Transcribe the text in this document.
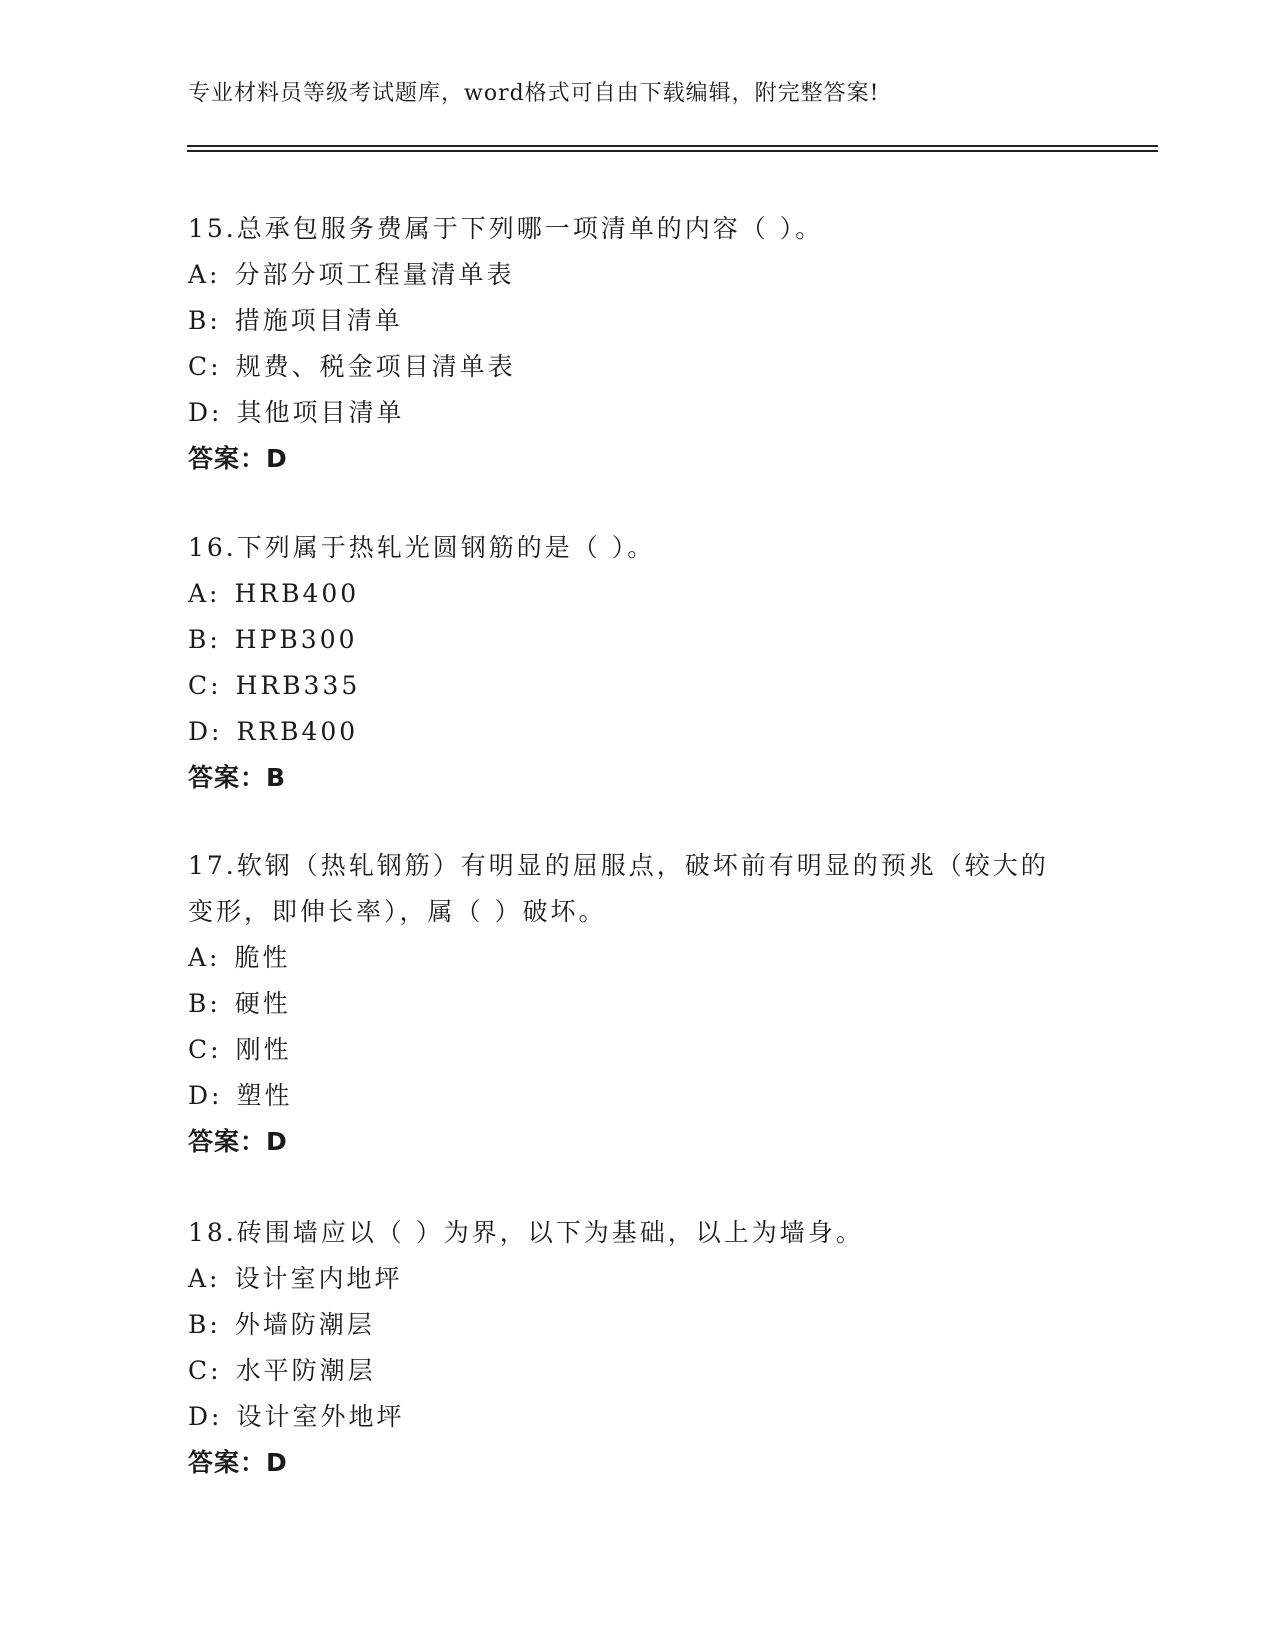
专业材料员等级考试题库，word格式可自由下载编辑，附完整答案!
15.总承包服务费属于下列哪一项清单的内容（ ）。
A: 分部分项工程量清单表
B: 措施项目清单
C: 规费、税金项目清单表
D: 其他项目清单
答案：D
16.下列属于热轧光圆钢筋的是（ ）。
A: HRB400
B: HPB300
C: HRB335
D: RRB400
答案：B
17.软钢（热轧钢筋）有明显的屈服点，破坏前有明显的预兆（较大的
变形，即伸长率），属（ ）破坏。
A: 脆性
B: 硬性
C: 刚性
D: 塑性
答案：D
18.砖围墙应以（ ）为界，以下为基础，以上为墙身。
A: 设计室内地坪
B: 外墙防潮层
C: 水平防潮层
D: 设计室外地坪
答案：D
